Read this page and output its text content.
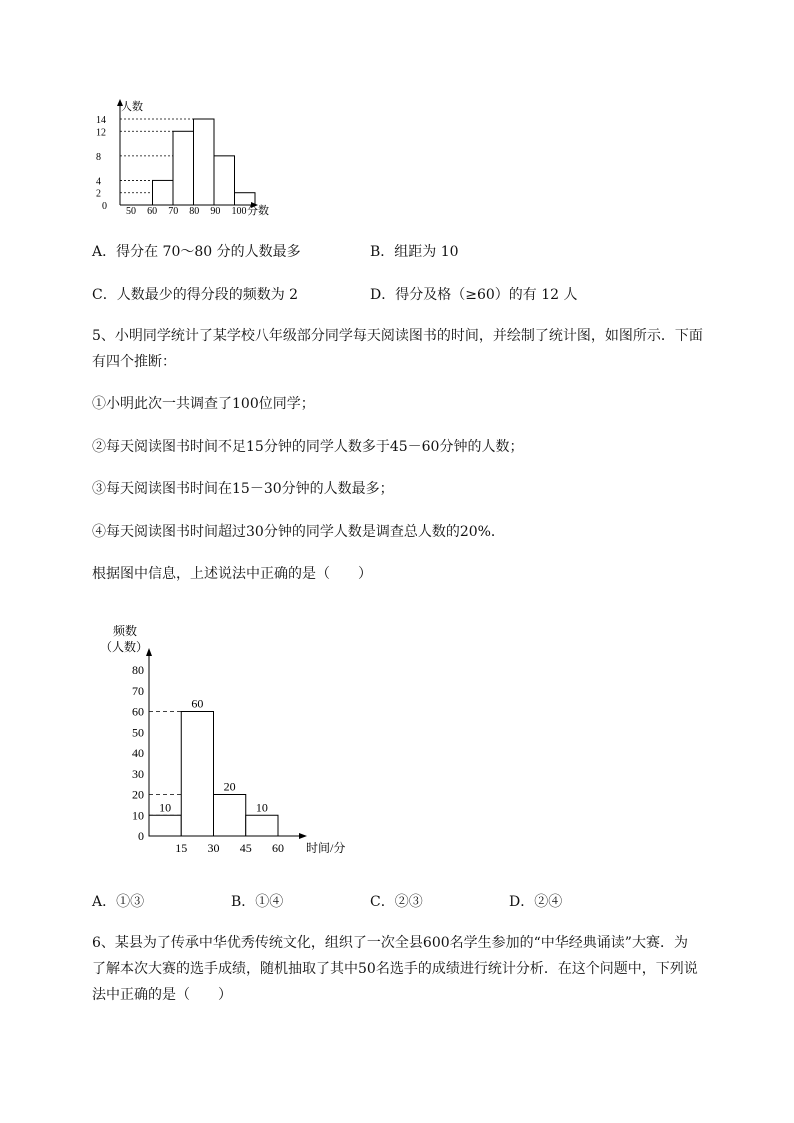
人数
分数
0
2
4
8
12
14
50 60 70 80 90 100
A．得分在 70～80 分的人数最多	B．组距为 10
C．人数最少的得分段的频数为 2	D．得分及格（≥60）的有 12 人
5、小明同学统计了某学校八年级部分同学每天阅读图书的时间，并绘制了统计图，如图所示．下面
有四个推断：
①小明此次一共调查了100位同学；
②每天阅读图书时间不足15分钟的同学人数多于45－60分钟的人数；
③每天阅读图书时间在15－30分钟的人数最多；
④每天阅读图书时间超过30分钟的同学人数是调查总人数的20%．
根据图中信息，上述说法中正确的是（　　）
频数
（人数）
时间/分
0
10
20
30
40
50
60
70
80
15 30 45 60
10
60
20
10
A．①③	B．①④	C．②③	D．②④
6、某县为了传承中华优秀传统文化，组织了一次全县600名学生参加的“中华经典诵读”大赛．为
了解本次大赛的选手成绩，随机抽取了其中50名选手的成绩进行统计分析．在这个问题中，下列说
法中正确的是（　　）
